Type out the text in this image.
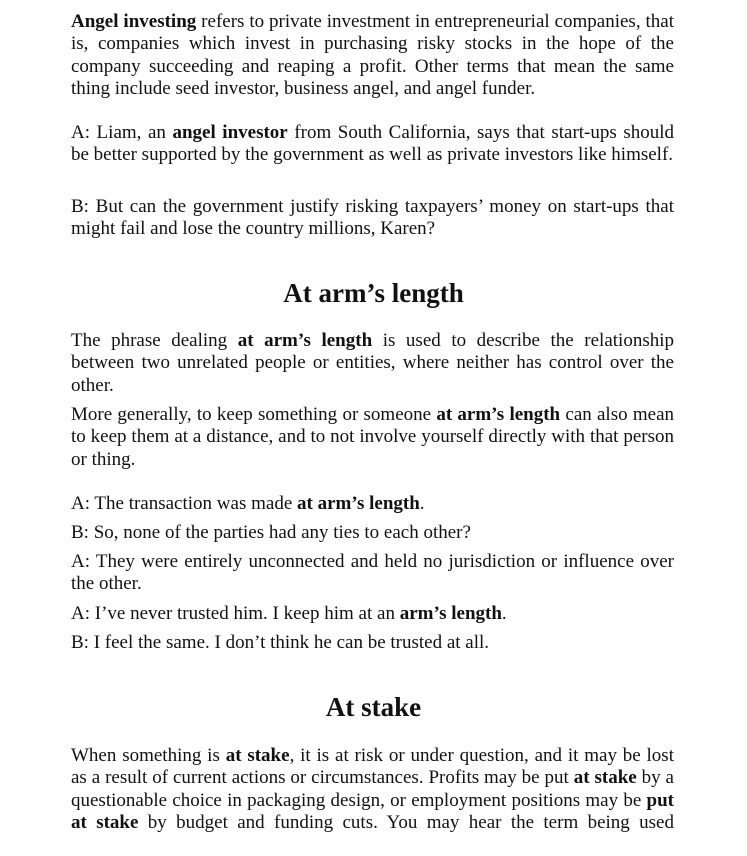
Angel investing refers to private investment in entrepreneurial companies, that is, companies which invest in purchasing risky stocks in the hope of the company succeeding and reaping a profit. Other terms that mean the same thing include seed investor, business angel, and angel funder.

A: Liam, an angel investor from South California, says that start-ups should be better supported by the government as well as private investors like himself.

B: But can the government justify risking taxpayers’ money on start-ups that might fail and lose the country millions, Karen?

At arm’s length

The phrase dealing at arm’s length is used to describe the relationship between two unrelated people or entities, where neither has control over the other.

More generally, to keep something or someone at arm’s length can also mean to keep them at a distance, and to not involve yourself directly with that person or thing.

A: The transaction was made at arm’s length.

B: So, none of the parties had any ties to each other?

A: They were entirely unconnected and held no jurisdiction or influence over the other.

A: I’ve never trusted him. I keep him at an arm’s length.

B: I feel the same. I don’t think he can be trusted at all.

At stake

When something is at stake, it is at risk or under question, and it may be lost as a result of current actions or circumstances. Profits may be put at stake by a questionable choice in packaging design, or employment positions may be put at stake by budget and funding cuts. You may hear the term being used
